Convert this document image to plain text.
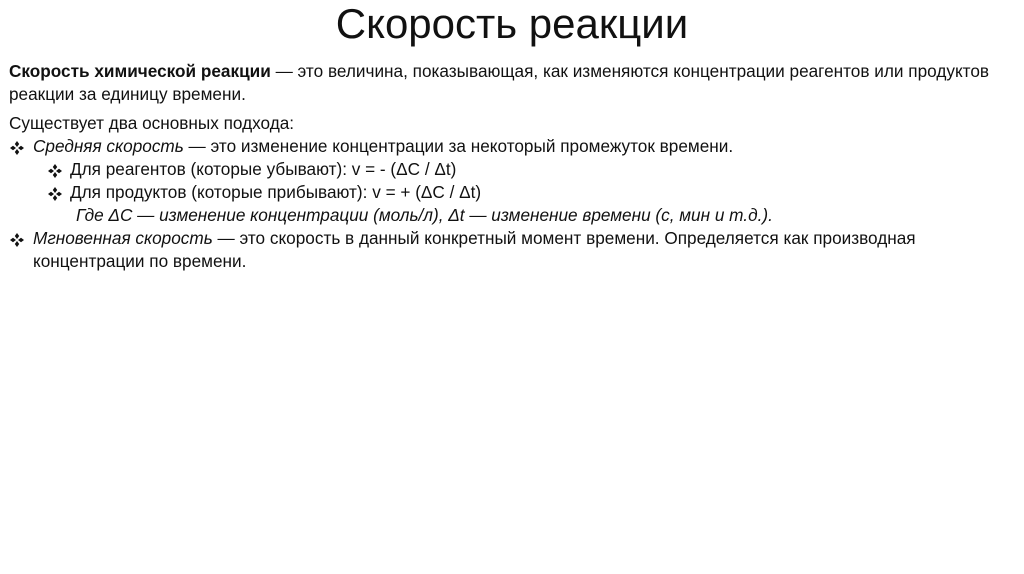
Скорость реакции

Скорость химической реакции — это величина, показывающая, как изменяются концентрации реагентов или продуктов реакции за единицу времени.

Существует два основных подхода:

Средняя скорость — это изменение концентрации за некоторый промежуток времени.
Для реагентов (которые убывают): v = - (ΔС / Δt)
Для продуктов (которые прибывают): v = + (ΔС / Δt)
Где ΔС — изменение концентрации (моль/л), Δt — изменение времени (с, мин и т.д.).
Мгновенная скорость — это скорость в данный конкретный момент времени. Определяется как производная концентрации по времени.
